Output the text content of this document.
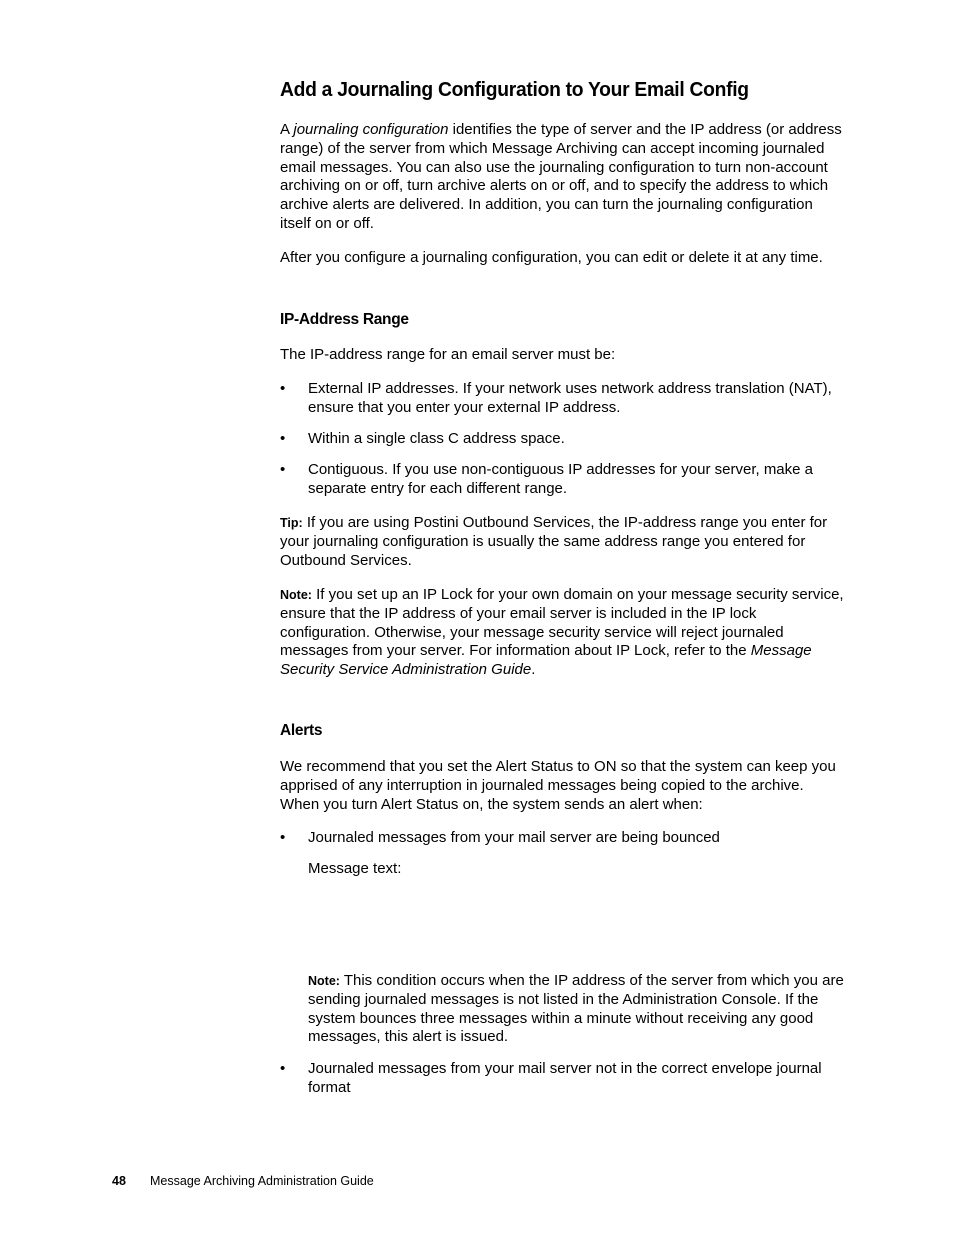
Add a Journaling Configuration to Your Email Config

A journaling configuration identifies the type of server and the IP address (or address range) of the server from which Message Archiving can accept incoming journaled email messages. You can also use the journaling configuration to turn non-account archiving on or off, turn archive alerts on or off, and to specify the address to which archive alerts are delivered. In addition, you can turn the journaling configuration itself on or off.

After you configure a journaling configuration, you can edit or delete it at any time.

IP-Address Range

The IP-address range for an email server must be:

• External IP addresses. If your network uses network address translation (NAT), ensure that you enter your external IP address.
• Within a single class C address space.
• Contiguous. If you use non-contiguous IP addresses for your server, make a separate entry for each different range.

Tip: If you are using Postini Outbound Services, the IP-address range you enter for your journaling configuration is usually the same address range you entered for Outbound Services.

Note: If you set up an IP Lock for your own domain on your message security service, ensure that the IP address of your email server is included in the IP lock configuration. Otherwise, your message security service will reject journaled messages from your server. For information about IP Lock, refer to the Message Security Service Administration Guide.

Alerts

We recommend that you set the Alert Status to ON so that the system can keep you apprised of any interruption in journaled messages being copied to the archive. When you turn Alert Status on, the system sends an alert when:

• Journaled messages from your mail server are being bounced

Message text:

Note: This condition occurs when the IP address of the server from which you are sending journaled messages is not listed in the Administration Console. If the system bounces three messages within a minute without receiving any good messages, this alert is issued.

• Journaled messages from your mail server not in the correct envelope journal format
48 Message Archiving Administration Guide
